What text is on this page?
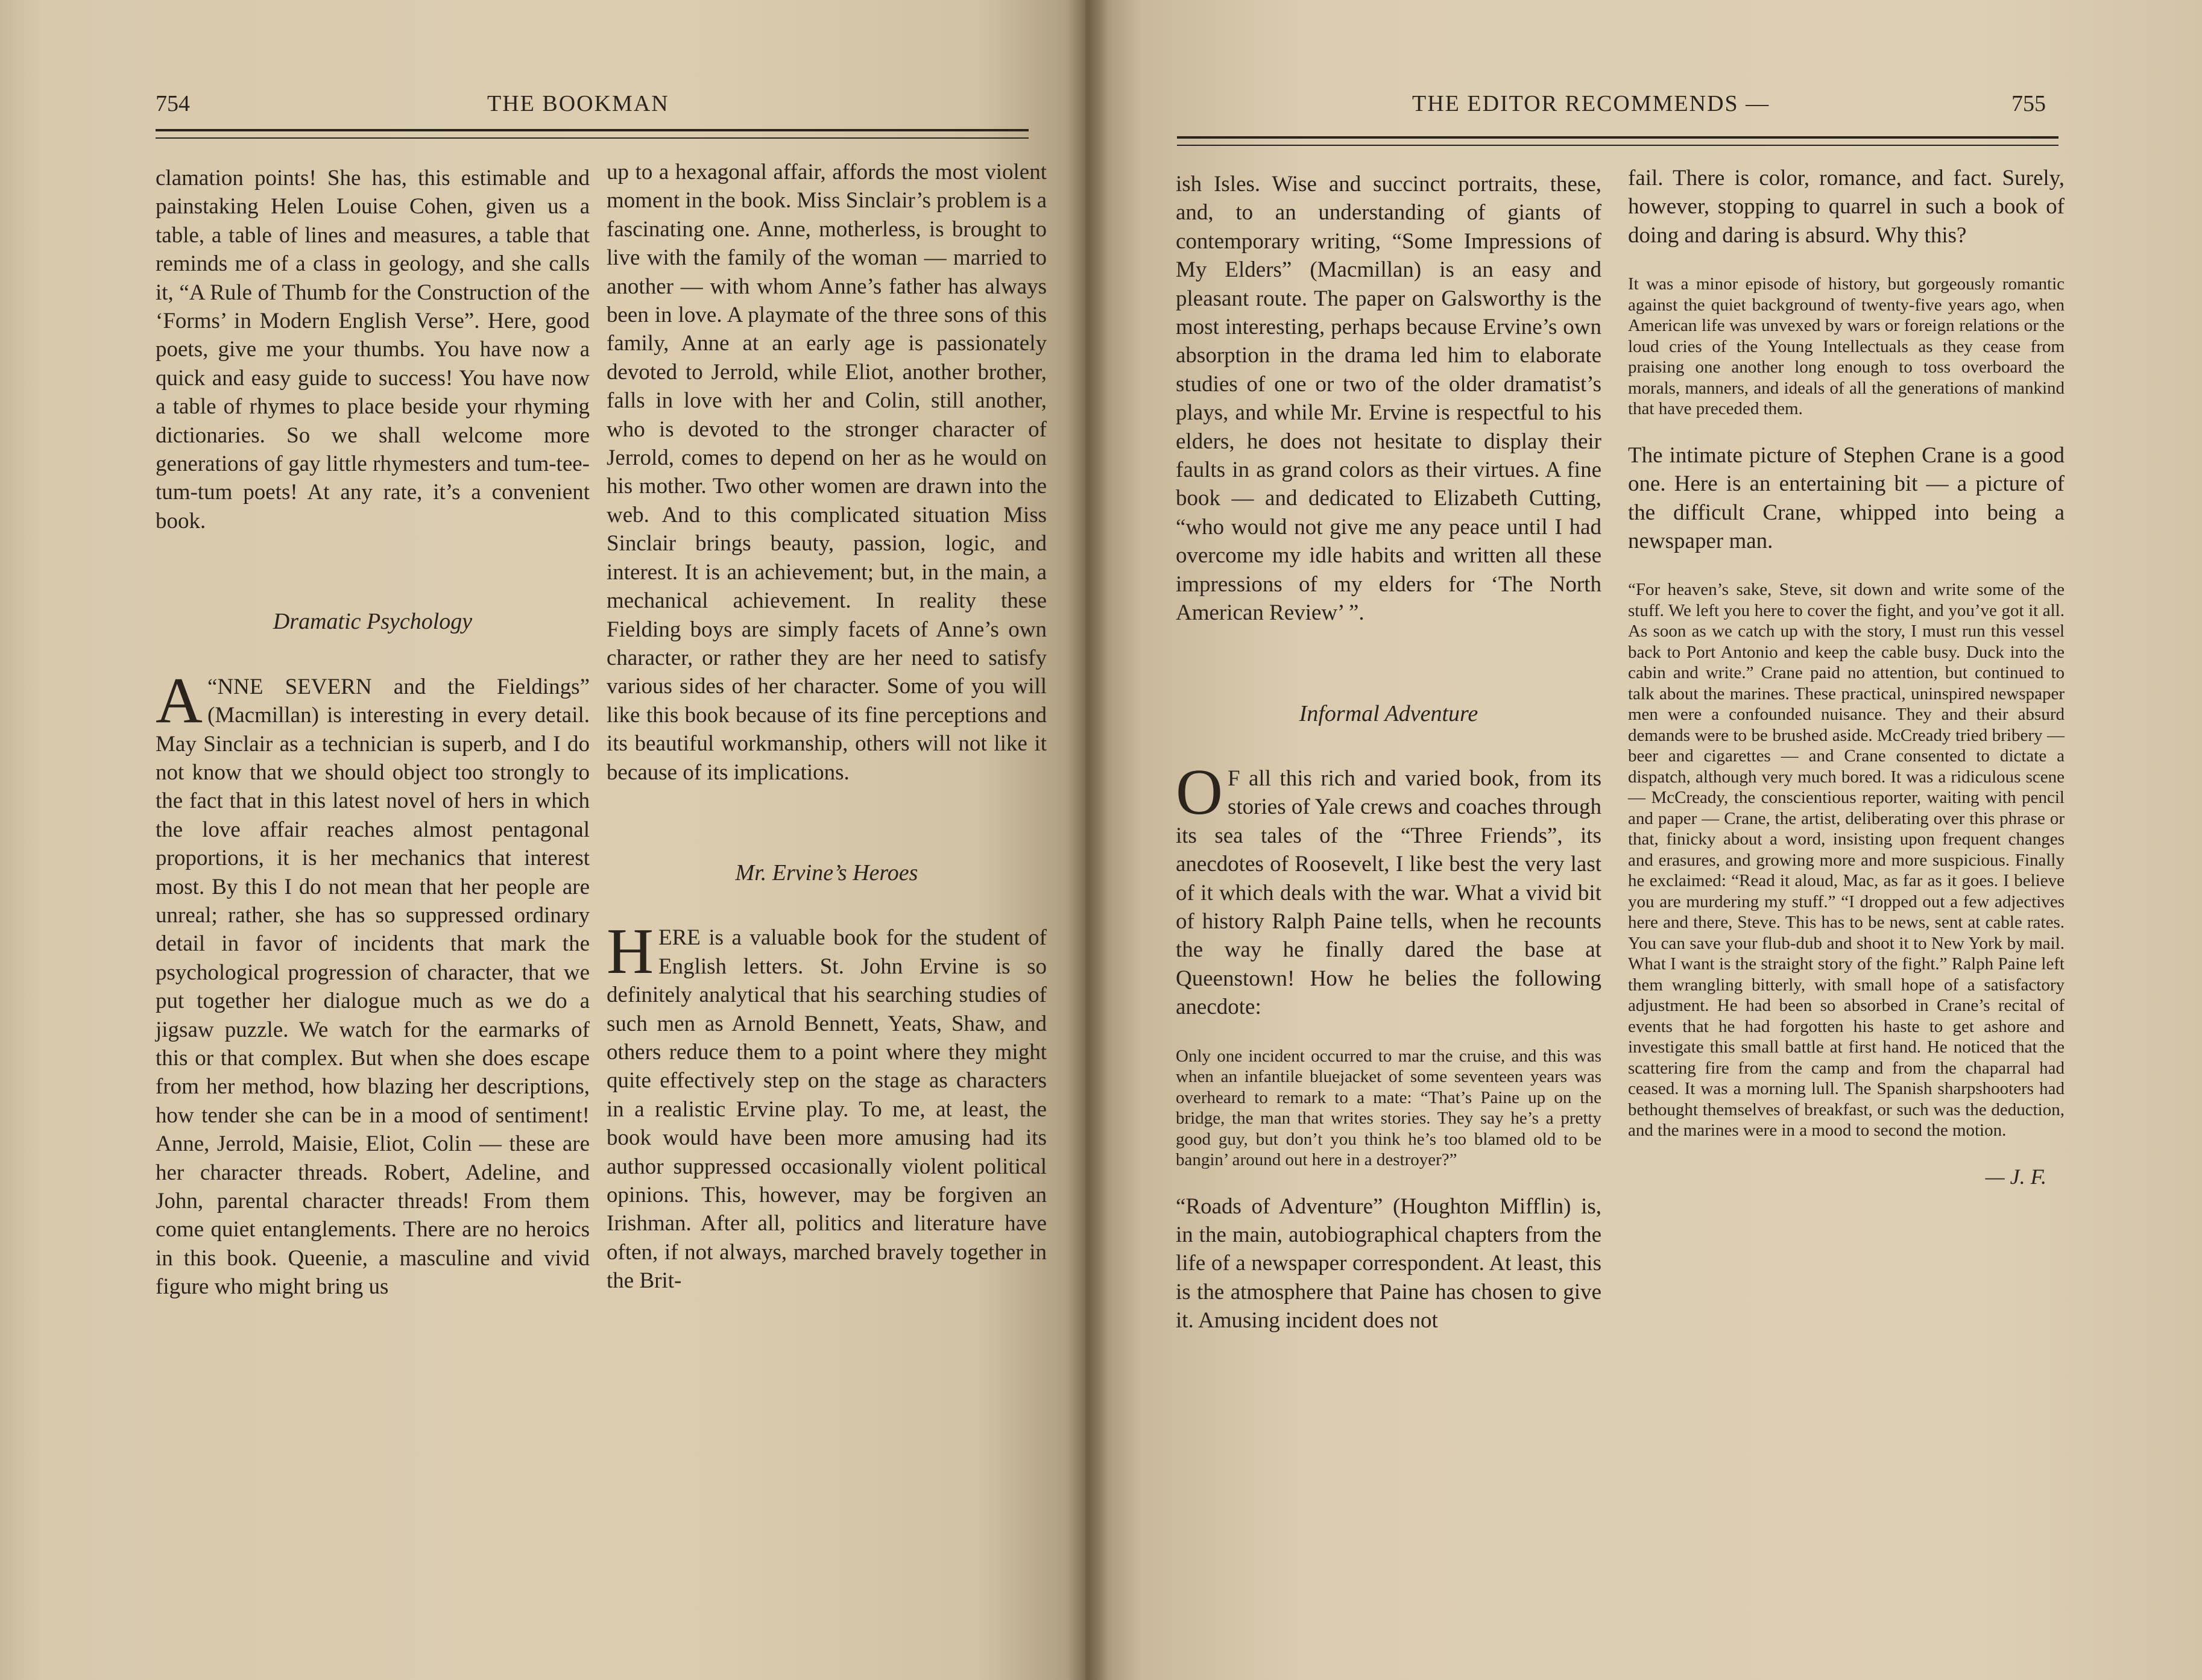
754	THE BOOKMAN

clamation points! She has, this estimable and painstaking Helen Louise Cohen, given us a table, a table of lines and measures, a table that reminds me of a class in geology, and she calls it, “A Rule of Thumb for the Construction of the ‘Forms’ in Modern English Verse”. Here, good poets, give me your thumbs. You have now a quick and easy guide to success! You have now a table of rhymes to place beside your rhyming dictionaries. So we shall welcome more generations of gay little rhymesters and tum-tee-tum-tum poets! At any rate, it’s a convenient book.

Dramatic Psychology

“
A NNE SEVERN and the Fieldings” (Macmillan) is interesting in every detail. May Sinclair as a technician is superb, and I do not know that we should object too strongly to the fact that in this latest novel of hers in which the love affair reaches almost pentagonal proportions, it is her mechanics that interest most. By this I do not mean that her people are unreal; rather, she has so suppressed ordinary detail in favor of incidents that mark the psychological progression of character, that we put together her dialogue much as we do a jigsaw puzzle. We watch for the earmarks of this or that complex. But when she does escape from her method, how blazing her descriptions, how tender she can be in a mood of sentiment! Anne, Jerrold, Maisie, Eliot, Colin — these are her character threads. Robert, Adeline, and John, parental character threads! From them come quiet entanglements. There are no heroics in this book. Queenie, a masculine and vivid figure who might bring us

up to a hexagonal affair, affords the most violent moment in the book. Miss Sinclair’s problem is a fascinating one. Anne, motherless, is brought to live with the family of the woman — married to another — with whom Anne’s father has always been in love. A playmate of the three sons of this family, Anne at an early age is passionately devoted to Jerrold, while Eliot, another brother, falls in love with her and Colin, still another, who is devoted to the stronger character of Jerrold, comes to depend on her as he would on his mother. Two other women are drawn into the web. And to this complicated situation Miss Sinclair brings beauty, passion, logic, and interest. It is an achievement; but, in the main, a mechanical achievement. In reality these Fielding boys are simply facets of Anne’s own character, or rather they are her need to satisfy various sides of her character. Some of you will like this book because of its fine perceptions and its beautiful workmanship, others will not like it because of its implications.

Mr. Ervine’s Heroes

HERE is a valuable book for the student of English letters. St. John Ervine is so definitely analytical that his searching studies of such men as Arnold Bennett, Yeats, Shaw, and others reduce them to a point where they might quite effectively step on the stage as characters in a realistic Ervine play. To me, at least, the book would have been more amusing had its author suppressed occasionally violent political opinions. This, however, may be forgiven an Irishman. After all, politics and literature have often, if not always, marched bravely together in the Brit-

THE EDITOR RECOMMENDS —	755

ish Isles. Wise and succinct portraits, these, and, to an understanding of giants of contemporary writing, “Some Impressions of My Elders” (Macmillan) is an easy and pleasant route. The paper on Galsworthy is the most interesting, perhaps because Ervine’s own absorption in the drama led him to elaborate studies of one or two of the older dramatist’s plays, and while Mr. Ervine is respectful to his elders, he does not hesitate to display their faults in as grand colors as their virtues. A fine book — and dedicated to Elizabeth Cutting, “who would not give me any peace until I had overcome my idle habits and written all these impressions of my elders for ‘The North American Review’ ”.

Informal Adventure

O F all this rich and varied book, from its stories of Yale crews and coaches through its sea tales of the “Three Friends”, its anecdotes of Roosevelt, I like best the very last of it which deals with the war. What a vivid bit of history Ralph Paine tells, when he recounts the way he finally dared the base at Queenstown! How he belies the following anecdote:

Only one incident occurred to mar the cruise, and this was when an infantile bluejacket of some seventeen years was overheard to remark to a mate: “That’s Paine up on the bridge, the man that writes stories. They say he’s a pretty good guy, but don’t you think he’s too blamed old to be bangin’ around out here in a destroyer?”

“Roads of Adventure” (Houghton Mifflin) is, in the main, autobiographical chapters from the life of a newspaper correspondent. At least, this is the atmosphere that Paine has chosen to give it. Amusing incident does not

fail. There is color, romance, and fact. Surely, however, stopping to quarrel in such a book of doing and daring is absurd. Why this?

It was a minor episode of history, but gorgeously romantic against the quiet background of twenty-five years ago, when American life was unvexed by wars or foreign relations or the loud cries of the Young Intellectuals as they cease from praising one another long enough to toss overboard the morals, manners, and ideals of all the generations of mankind that have preceded them.

The intimate picture of Stephen Crane is a good one. Here is an entertaining bit — a picture of the difficult Crane, whipped into being a newspaper man.

“For heaven’s sake, Steve, sit down and write some of the stuff. We left you here to cover the fight, and you’ve got it all. As soon as we catch up with the story, I must run this vessel back to Port Antonio and keep the cable busy. Duck into the cabin and write.” Crane paid no attention, but continued to talk about the marines. These practical, uninspired newspaper men were a confounded nuisance. They and their absurd demands were to be brushed aside. McCready tried bribery — beer and cigarettes — and Crane consented to dictate a dispatch, although very much bored. It was a ridiculous scene — McCready, the conscientious reporter, waiting with pencil and paper — Crane, the artist, deliberating over this phrase or that, finicky about a word, insisting upon frequent changes and erasures, and growing more and more suspicious. Finally he exclaimed: “Read it aloud, Mac, as far as it goes. I believe you are murdering my stuff.” “I dropped out a few adjectives here and there, Steve. This has to be news, sent at cable rates. You can save your flub-dub and shoot it to New York by mail. What I want is the straight story of the fight.” Ralph Paine left them wrangling bitterly, with small hope of a satisfactory adjustment. He had been so absorbed in Crane’s recital of events that he had forgotten his haste to get ashore and investigate this small battle at first hand. He noticed that the scattering fire from the camp and from the chaparral had ceased. It was a morning lull. The Spanish sharpshooters had bethought themselves of breakfast, or such was the deduction, and the marines were in a mood to second the motion.
— J. F.
